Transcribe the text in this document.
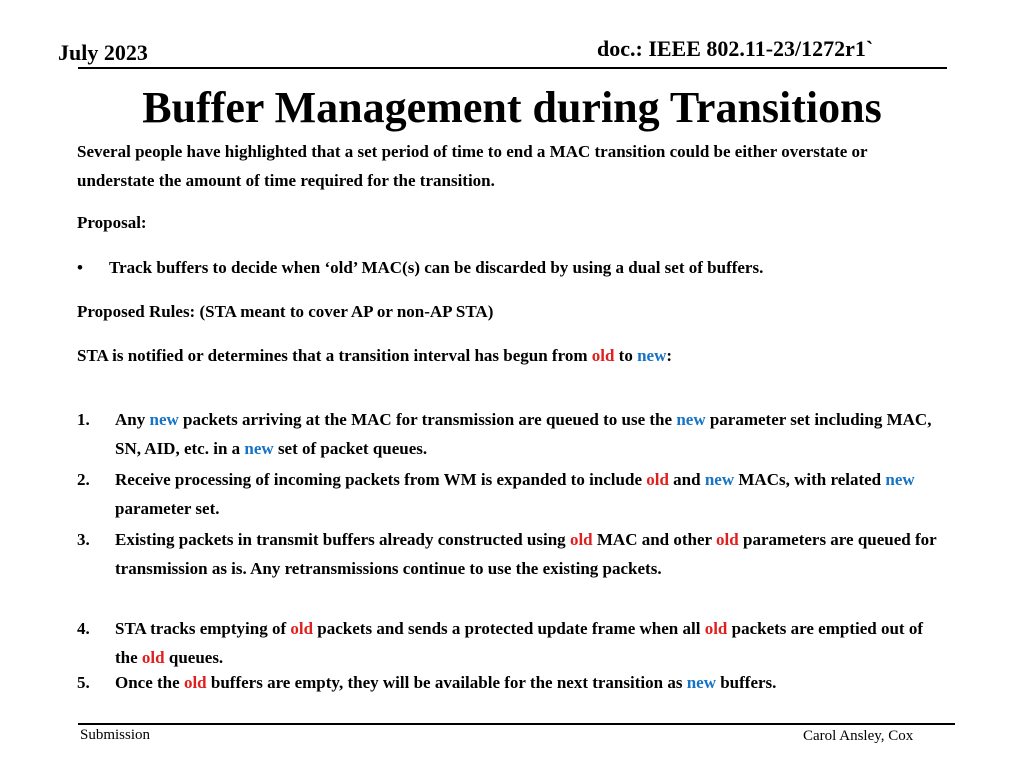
July 2023	doc.: IEEE 802.11-23/1272r1`
Buffer Management during Transitions
Several people have highlighted that a set period of time to end a MAC transition could be either overstate or understate the amount of time required for the transition.
Proposal:
• Track buffers to decide when ‘old’ MAC(s) can be discarded by using a dual set of buffers.
Proposed Rules: (STA meant to cover AP or non-AP STA)
STA is notified or determines that a transition interval has begun from old to new:
1.	Any new packets arriving at the MAC for transmission are queued to use the new parameter set including MAC, SN, AID, etc. in a new set of packet queues.
2.	Receive processing of incoming packets from WM is expanded to include old and new MACs, with related new parameter set.
3.	Existing packets in transmit buffers already constructed using old MAC and other old parameters are queued for transmission as is. Any retransmissions continue to use the existing packets.
4.	STA tracks emptying of old packets and sends a protected update frame when all old packets are emptied out of the old queues.
5.	Once the old buffers are empty, they will be available for the next transition as new buffers.
Submission	Carol Ansley, Cox
